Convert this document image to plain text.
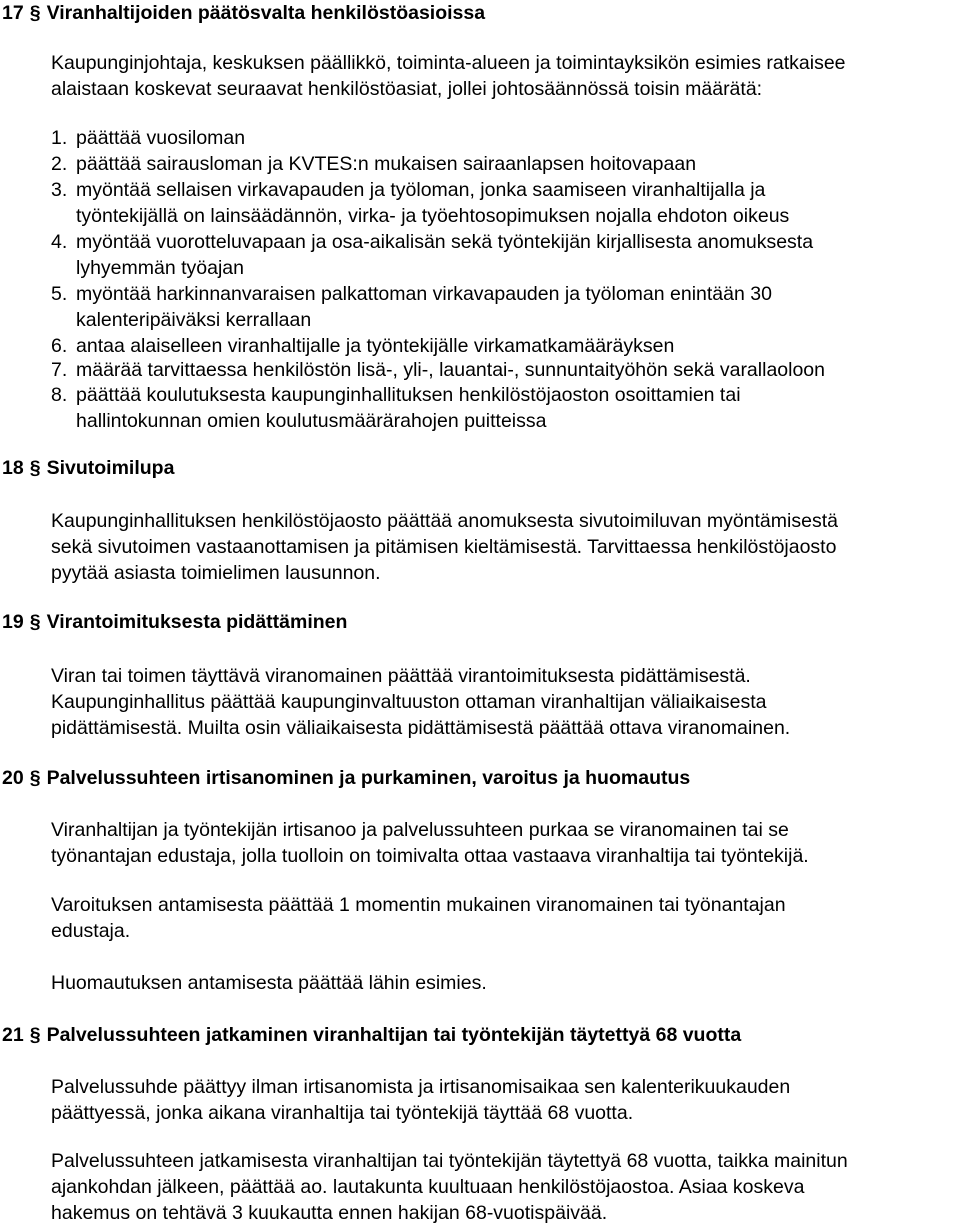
17 § Viranhaltijoiden päätösvalta henkilöstöasioissa
Kaupunginjohtaja, keskuksen päällikkö, toiminta-alueen ja toimintayksikön esimies ratkaisee
alaistaan koskevat seuraavat henkilöstöasiat, jollei johtosäännössä toisin määrätä:
1. päättää vuosiloman
2. päättää sairausloman ja KVTES:n mukaisen sairaanlapsen hoitovapaan
3. myöntää sellaisen virkavapauden ja työloman, jonka saamiseen viranhaltijalla ja
työntekijällä on lainsäädännön, virka- ja työehtosopimuksen nojalla ehdoton oikeus
4. myöntää vuorotteluvapaan ja osa-aikalisän sekä työntekijän kirjallisesta anomuksesta
lyhyemmän työajan
5. myöntää harkinnanvaraisen palkattoman virkavapauden ja työloman enintään 30
kalenteripäiväksi kerrallaan
6. antaa alaiselleen viranhaltijalle ja työntekijälle virkamatkamääräyksen
7. määrää tarvittaessa henkilöstön lisä-, yli-, lauantai-, sunnuntaityöhön sekä varallaoloon
8. päättää koulutuksesta kaupunginhallituksen henkilöstöjaoston osoittamien tai
hallintokunnan omien koulutusmäärärahojen puitteissa
18 § Sivutoimilupa
Kaupunginhallituksen henkilöstöjaosto päättää anomuksesta sivutoimiluvan myöntämisestä
sekä sivutoimen vastaanottamisen ja pitämisen kieltämisestä. Tarvittaessa henkilöstöjaosto
pyytää asiasta toimielimen lausunnon.
19 § Virantoimituksesta pidättäminen
Viran tai toimen täyttävä viranomainen päättää virantoimituksesta pidättämisestä.
Kaupunginhallitus päättää kaupunginvaltuuston ottaman viranhaltijan väliaikaisesta
pidättämisestä. Muilta osin väliaikaisesta pidättämisestä päättää ottava viranomainen.
20 § Palvelussuhteen irtisanominen ja purkaminen, varoitus ja huomautus
Viranhaltijan ja työntekijän irtisanoo ja palvelussuhteen purkaa se viranomainen tai se
työnantajan edustaja, jolla tuolloin on toimivalta ottaa vastaava viranhaltija tai työntekijä.
Varoituksen antamisesta päättää 1 momentin mukainen viranomainen tai työnantajan
edustaja.
Huomautuksen antamisesta päättää lähin esimies.
21 § Palvelussuhteen jatkaminen viranhaltijan tai työntekijän täytettyä 68 vuotta
Palvelussuhde päättyy ilman irtisanomista ja irtisanomisaikaa sen kalenterikuukauden
päättyessä, jonka aikana viranhaltija tai työntekijä täyttää 68 vuotta.
Palvelussuhteen jatkamisesta viranhaltijan tai työntekijän täytettyä 68 vuotta, taikka mainitun
ajankohdan jälkeen, päättää ao. lautakunta kuultuaan henkilöstöjaostoa. Asiaa koskeva
hakemus on tehtävä 3 kuukautta ennen hakijan 68-vuotispäivää.
